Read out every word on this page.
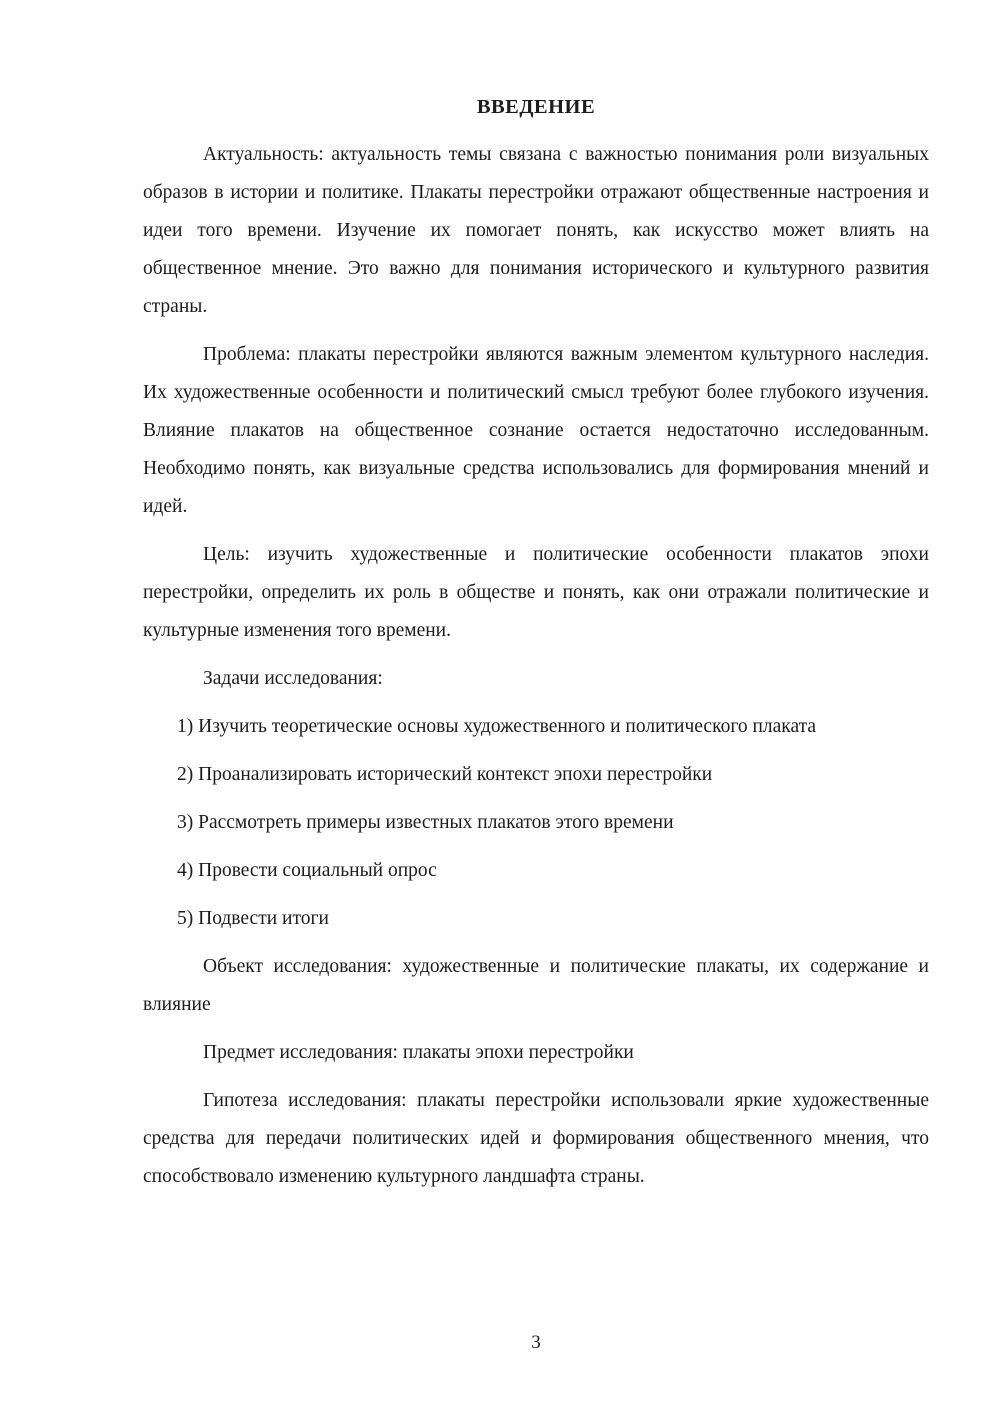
ВВЕДЕНИЕ

Актуальность: актуальность темы связана с важностью понимания роли визуальных образов в истории и политике. Плакаты перестройки отражают общественные настроения и идеи того времени. Изучение их помогает понять, как искусство может влиять на общественное мнение. Это важно для понимания исторического и культурного развития страны.

Проблема: плакаты перестройки являются важным элементом культурного наследия. Их художественные особенности и политический смысл требуют более глубокого изучения. Влияние плакатов на общественное сознание остается недостаточно исследованным. Необходимо понять, как визуальные средства использовались для формирования мнений и идей.

Цель: изучить художественные и политические особенности плакатов эпохи перестройки, определить их роль в обществе и понять, как они отражали политические и культурные изменения того времени.

Задачи исследования:

1) Изучить теоретические основы художественного и политического плаката

2) Проанализировать исторический контекст эпохи перестройки

3) Рассмотреть примеры известных плакатов этого времени

4) Провести социальный опрос

5) Подвести итоги

Объект исследования: художественные и политические плакаты, их содержание и влияние

Предмет исследования: плакаты эпохи перестройки

Гипотеза исследования: плакаты перестройки использовали яркие художественные средства для передачи политических идей и формирования общественного мнения, что способствовало изменению культурного ландшафта страны.

3
